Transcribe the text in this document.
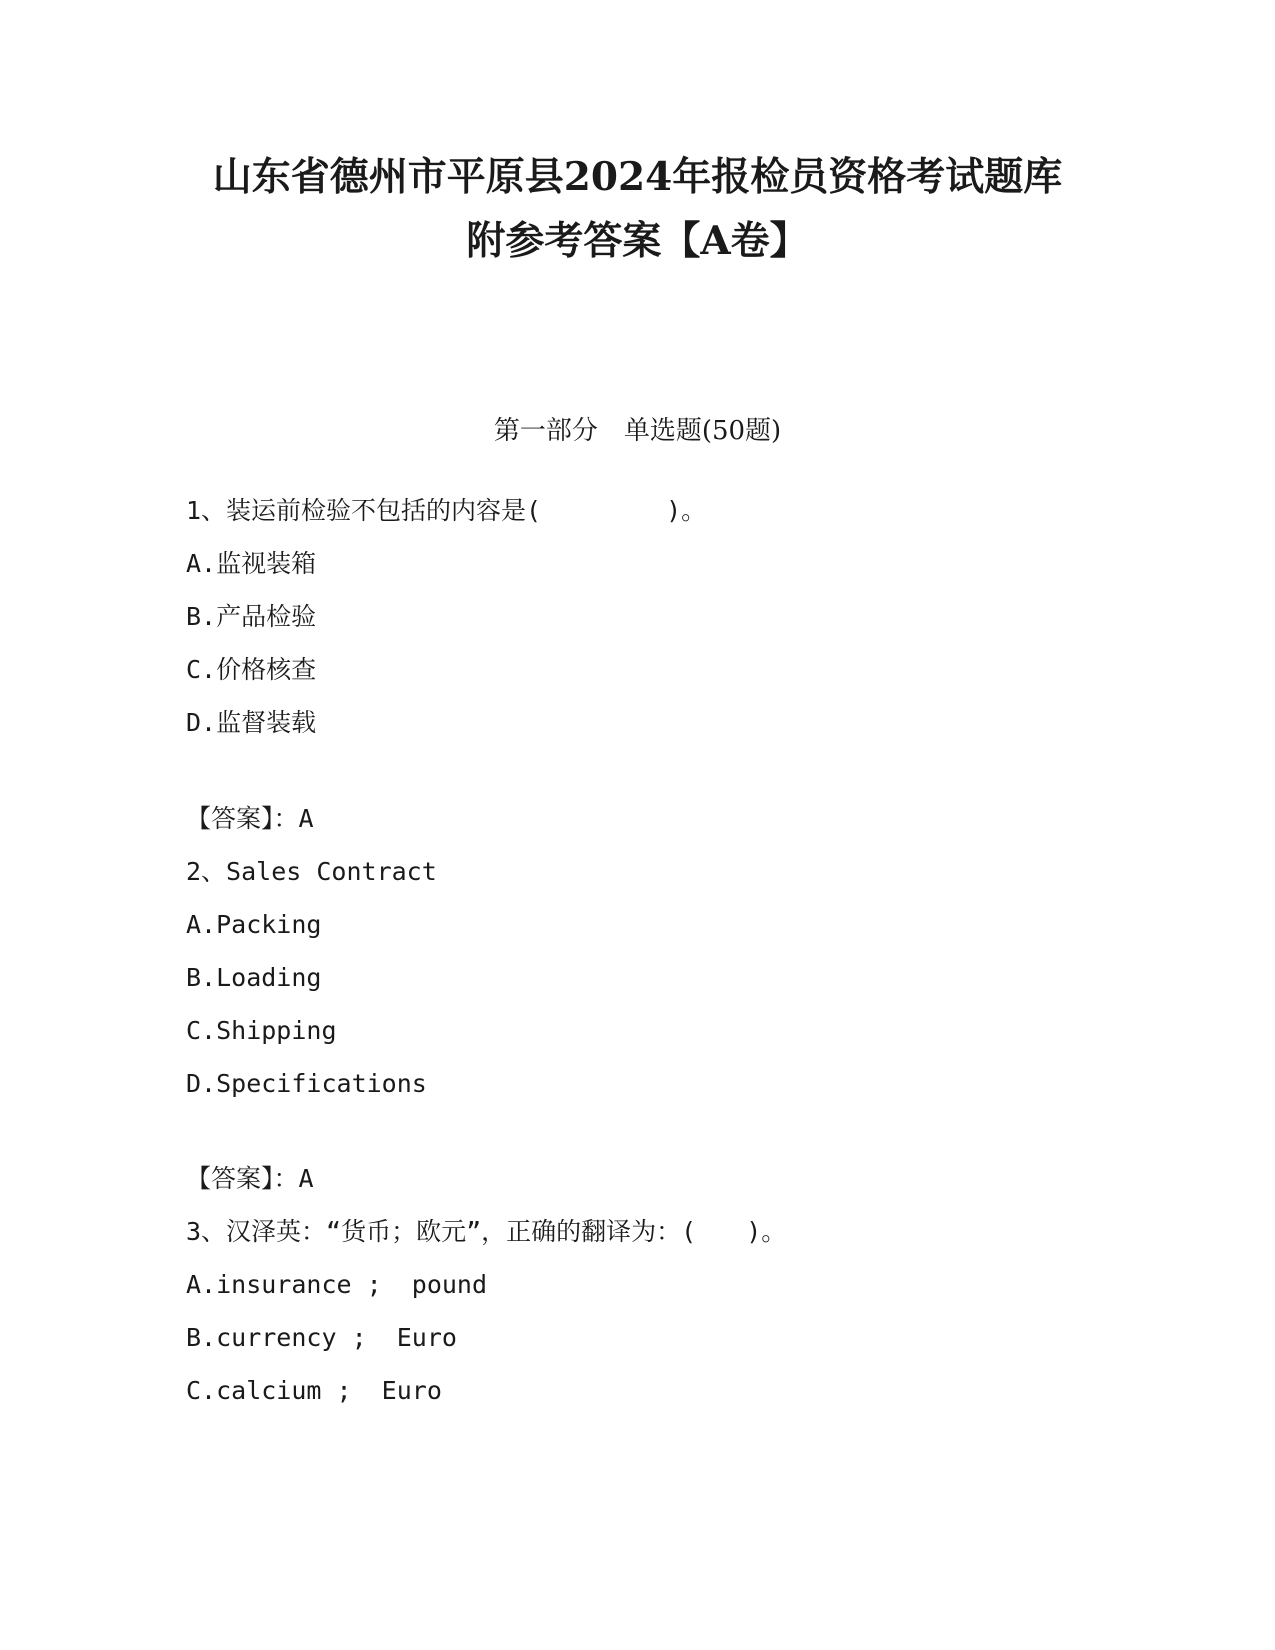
山东省德州市平原县2024年报检员资格考试题库
附参考答案【A卷】
第一部分　单选题(50题)
1、装运前检验不包括的内容是(　　　　　)。
A.监视装箱
B.产品检验
C.价格核查
D.监督装载
【答案】：A
2、Sales Contract
A.Packing
B.Loading
C.Shipping
D.Specifications
【答案】：A
3、汉泽英：“货币；欧元”，正确的翻译为：(　　)。
A.insurance ;  pound
B.currency ;  Euro
C.calcium ;  Euro
